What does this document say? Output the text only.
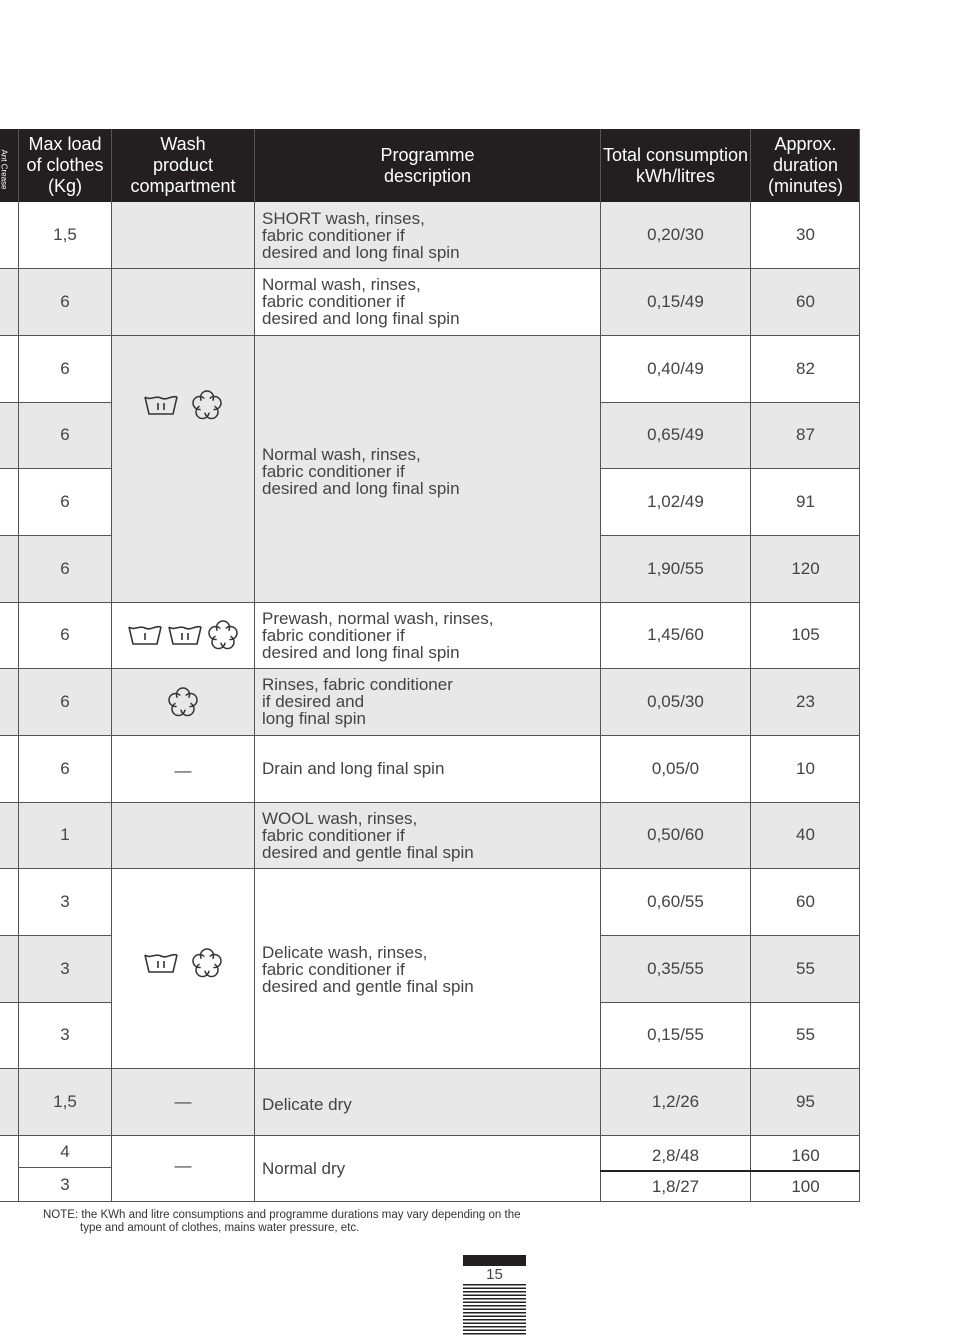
Ant Crease
Max load
of clothes
(Kg)
Wash
product
compartment
Programme
description
Total consumption
kWh/litres
Approx.
duration
(minutes)
1,5
6
6
6
6
6
6
6
6
1
3
3
3
1,5
4
3
—
—
—
SHORT wash, rinses,
fabric conditioner if
desired and long final spin
Normal wash, rinses,
fabric conditioner if
desired and long final spin
Normal wash, rinses,
fabric conditioner if
desired and long final spin
Prewash, normal wash, rinses,
fabric conditioner if
desired and long final spin
Rinses, fabric conditioner
if desired and
long final spin
Drain and long final spin
WOOL wash, rinses,
fabric conditioner if
desired and gentle final spin
Delicate wash, rinses,
fabric conditioner if
desired and gentle final spin
Delicate dry
Normal dry
0,20/30
0,15/49
0,40/49
0,65/49
1,02/49
1,90/55
1,45/60
0,05/30
0,05/0
0,50/60
0,60/55
0,35/55
0,15/55
1,2/26
2,8/48
1,8/27
30
60
82
87
91
120
105
23
10
40
60
55
55
95
160
100
NOTE: the KWh and litre consumptions and programme durations may vary depending on the
type and amount of clothes, mains water pressure, etc.
15
